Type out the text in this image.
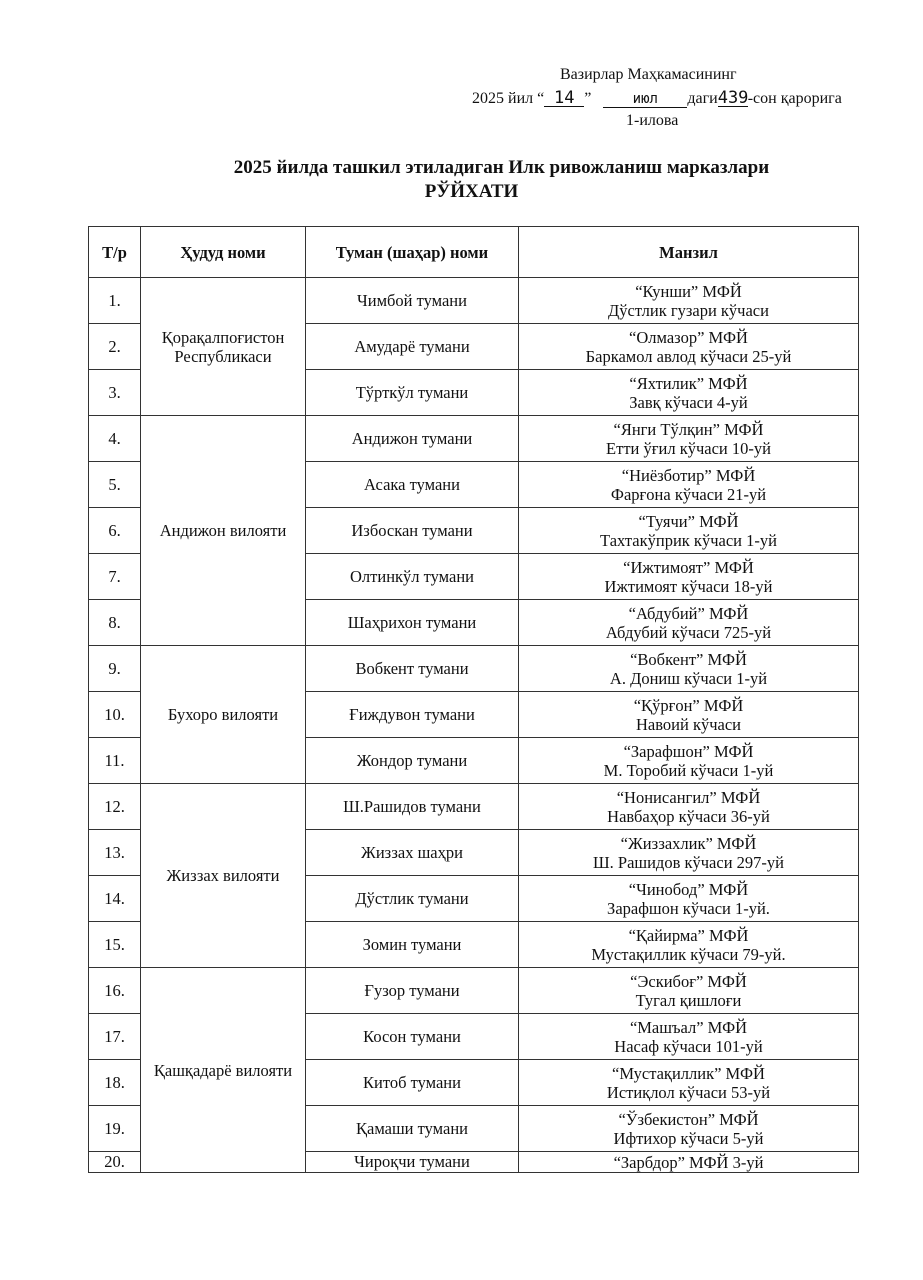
Вазирлар Маҳкамасининг
2025 йил “ 14 ”	июл даги439-сон қарорига
1-илова
2025 йилда ташкил этиладиган Илк ривожланиш марказлари
РЎЙХАТИ
Т/р	Ҳудуд номи	Туман (шаҳар) номи	Манзил
1.	Қорақалпоғистон Республикаси	Чимбой тумани	“Кунши” МФЙ
Дўстлик гузари кўчаси

2.		Амударё тумани	“Олмазор” МФЙ
Баркамол авлод кўчаси 25-уй

3.		Тўрткўл тумани	“Яхтилик” МФЙ
Завқ кўчаси 4-уй

4.	Андижон вилояти	Андижон тумани	“Янги Тўлқин” МФЙ
Етти ўғил кўчаси 10-уй

5.		Асака тумани	“Ниёзботир” МФЙ
Фарғона кўчаси 21-уй

6.		Избоскан тумани	“Туячи” МФЙ
Тахтакўприк кўчаси 1-уй

7.		Олтинкўл тумани	“Ижтимоят” МФЙ
Ижтимоят кўчаси 18-уй

8.		Шаҳрихон тумани	“Абдубий” МФЙ
Абдубий кўчаси 725-уй

9.	Бухоро вилояти	Вобкент тумани	“Вобкент” МФЙ
А. Дониш кўчаси 1-уй

10.		Ғиждувон тумани	“Қўрғон” МФЙ
Навоий кўчаси

11.		Жондор тумани	“Зарафшон” МФЙ
М. Торобий кўчаси 1-уй

12.	Жиззах вилояти	Ш.Рашидов тумани	“Нонисангил” МФЙ
Навбаҳор кўчаси 36-уй

13.		Жиззах шаҳри	“Жиззахлик” МФЙ
Ш. Рашидов кўчаси 297-уй

14.		Дўстлик тумани	“Чинобод” МФЙ
Зарафшон кўчаси 1-уй.

15.		Зомин тумани	“Қайирма” МФЙ
Мустақиллик кўчаси 79-уй.

16.	Қашқадарё вилояти	Ғузор тумани	“Эскибоғ” МФЙ
Тугал қишлоғи

17.		Косон тумани	“Машъал” МФЙ
Насаф кўчаси 101-уй

18.		Китоб тумани	“Мустақиллик” МФЙ
Истиқлол кўчаси 53-уй

19.		Қамаши тумани	“Ўзбекистон” МФЙ
Ифтихор кўчаси 5-уй

20.		Чироқчи тумани	“Зарбдор” МФЙ 3-уй
